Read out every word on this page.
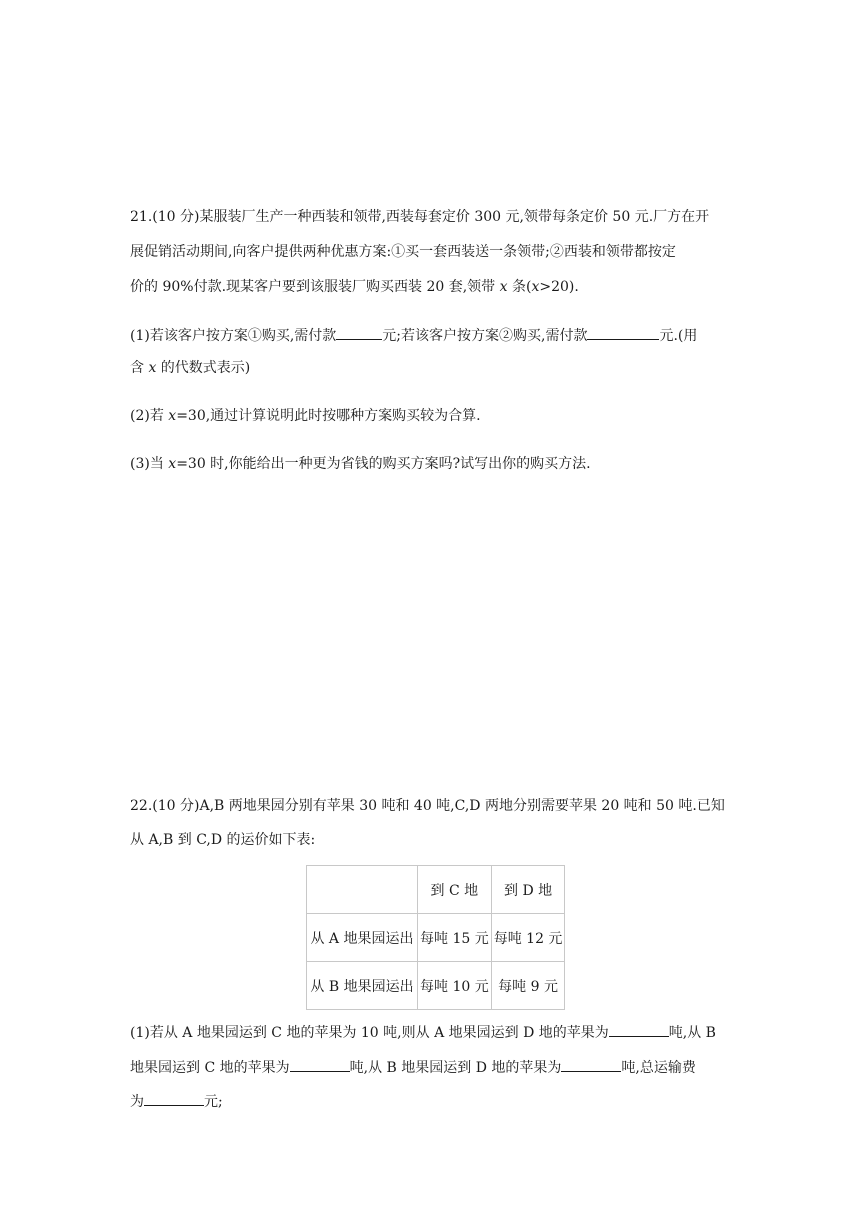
21.(10 分)某服装厂生产一种西装和领带,西装每套定价 300 元,领带每条定价 50 元.厂方在开
展促销活动期间,向客户提供两种优惠方案:①买一套西装送一条领带;②西装和领带都按定
价的 90%付款.现某客户要到该服装厂购买西装 20 套,领带 x 条(x>20).
(1)若该客户按方案①购买,需付款	元;若该客户按方案②购买,需付款	元.(用
含 x 的代数式表示)
(2)若 x=30,通过计算说明此时按哪种方案购买较为合算.
(3)当 x=30 时,你能给出一种更为省钱的购买方案吗?试写出你的购买方法.
22.(10 分)A,B 两地果园分别有苹果 30 吨和 40 吨,C,D 两地分别需要苹果 20 吨和 50 吨.已知
从 A,B 到 C,D 的运价如下表:
	到 C 地	到 D 地
从 A 地果园运出	每吨 15 元	每吨 12 元
从 B 地果园运出	每吨 10 元	每吨 9 元
(1)若从 A 地果园运到 C 地的苹果为 10 吨,则从 A 地果园运到 D 地的苹果为	吨,从 B
地果园运到 C 地的苹果为	吨,从 B 地果园运到 D 地的苹果为	吨,总运输费
为	元;
